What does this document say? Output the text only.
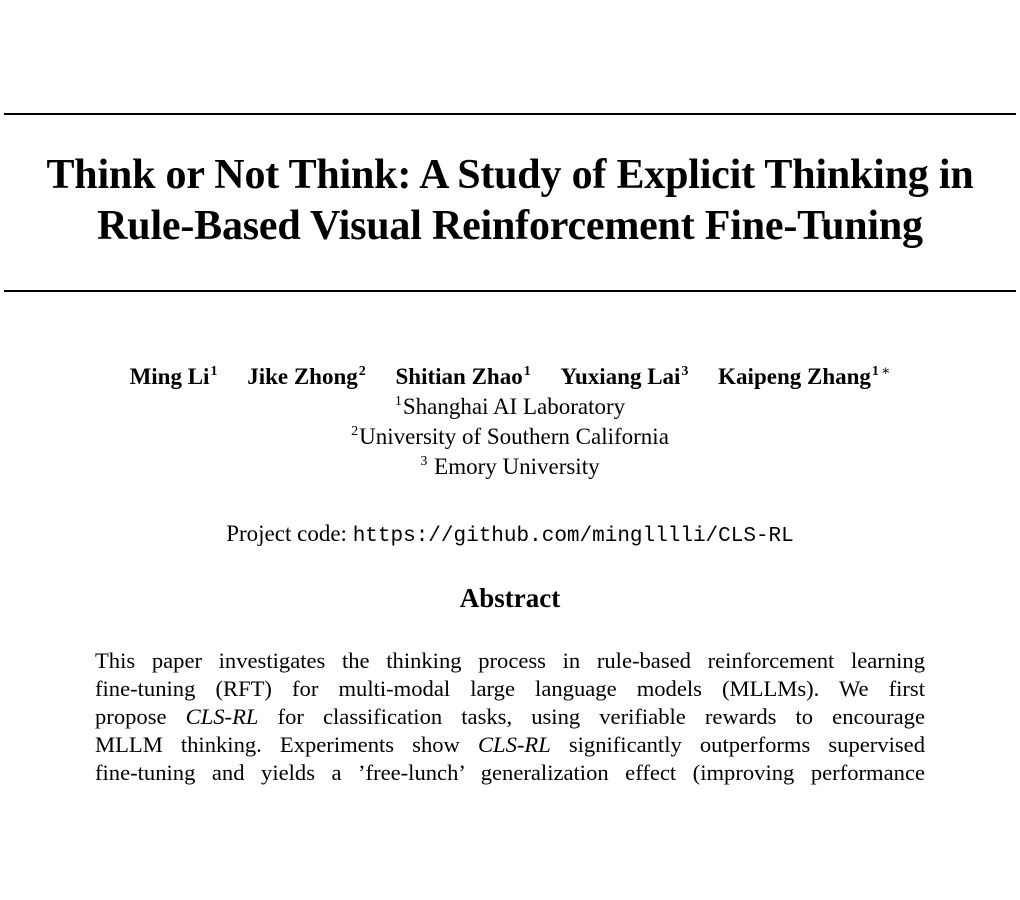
Think or Not Think: A Study of Explicit Thinking in
Rule-Based Visual Reinforcement Fine-Tuning
Ming Li$^1$ Jike Zhong$^2$ Shitian Zhao$^1$ Yuxiang Lai$^3$ Kaipeng Zhang$^1$ ∗
$^1$Shanghai AI Laboratory
$^2$University of Southern California
$^3$ Emory University
Project code: https://github.com/minglllli/CLS-RL
Abstract
This paper investigates the thinking process in rule-based reinforcement learning
fine-tuning (RFT) for multi-modal large language models (MLLMs). We first
propose CLS-RL for classification tasks, using verifiable rewards to encourage
MLLM thinking. Experiments show CLS-RL significantly outperforms supervised
fine-tuning and yields a ’free-lunch’ generalization effect (improving performance
